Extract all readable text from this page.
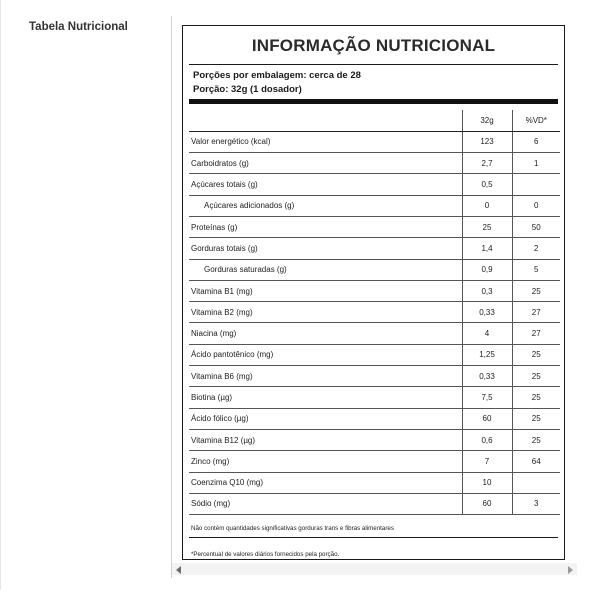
Tabela Nutricional
INFORMAÇÃO NUTRICIONAL
Porções por embalagem: cerca de 28
Porção: 32g (1 dosador)
	32g	%VD*
Valor energético (kcal)	123	6
Carboidratos (g)	2,7	1
Açúcares totais (g)	0,5	
Açúcares adicionados (g)	0	0
Proteínas (g)	25	50
Gorduras totais (g)	1,4	2
Gorduras saturadas (g)	0,9	5
Vitamina B1 (mg)	0,3	25
Vitamina B2 (mg)	0,33	27
Niacina (mg)	4	27
Ácido pantotênico (mg)	1,25	25
Vitamina B6 (mg)	0,33	25
Biotina (µg)	7,5	25
Ácido fólico (µg)	60	25
Vitamina B12 (µg)	0,6	25
Zinco (mg)	7	64
Coenzima Q10 (mg)	10	
Sódio (mg)	60	3
Não contém quantidades significativas gorduras trans e fibras alimentares
*Percentual de valores diários fornecidos pela porção.
